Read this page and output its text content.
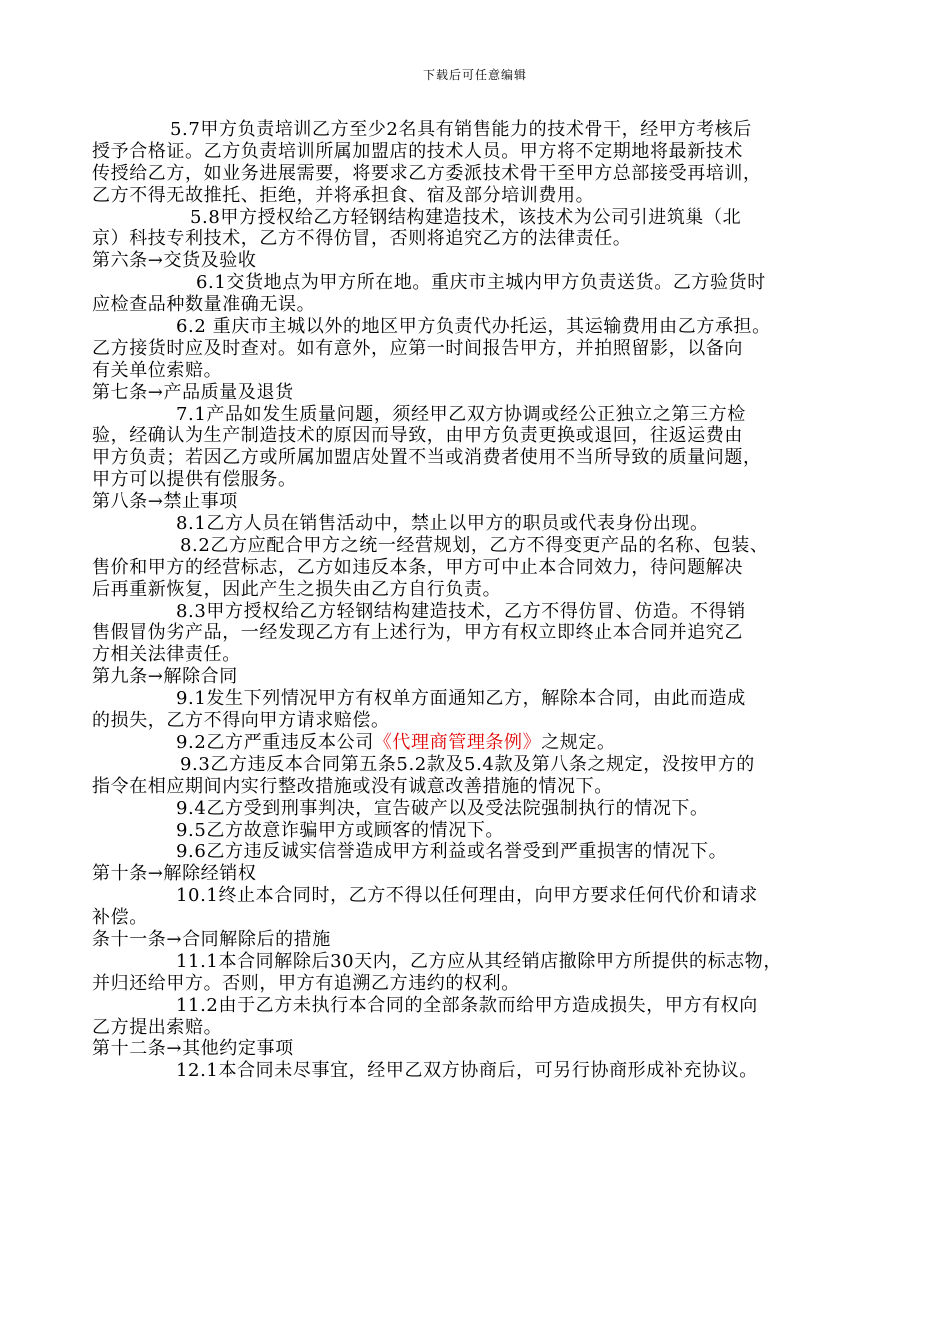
下载后可任意编辑
5.7甲方负责培训乙方至少2名具有销售能力的技术骨干，经甲方考核后
授予合格证。乙方负责培训所属加盟店的技术人员。甲方将不定期地将最新技术
传授给乙方，如业务进展需要，将要求乙方委派技术骨干至甲方总部接受再培训，
乙方不得无故推托、拒绝，并将承担食、宿及部分培训费用。
5.8甲方授权给乙方轻钢结构建造技术，该技术为公司引进筑巢（北
京）科技专利技术，乙方不得仿冒，否则将追究乙方的法律责任。
第六条→交货及验收
6.1交货地点为甲方所在地。重庆市主城内甲方负责送货。乙方验货时
应检查品种数量准确无误。
6.2 重庆市主城以外的地区甲方负责代办托运，其运输费用由乙方承担。
乙方接货时应及时查对。如有意外，应第一时间报告甲方，并拍照留影，以备向
有关单位索赔。
第七条→产品质量及退货
7.1产品如发生质量问题，须经甲乙双方协调或经公正独立之第三方检
验，经确认为生产制造技术的原因而导致，由甲方负责更换或退回，往返运费由
甲方负责；若因乙方或所属加盟店处置不当或消费者使用不当所导致的质量问题，
甲方可以提供有偿服务。
第八条→禁止事项
8.1乙方人员在销售活动中，禁止以甲方的职员或代表身份出现。
8.2乙方应配合甲方之统一经营规划，乙方不得变更产品的名称、包装、
售价和甲方的经营标志，乙方如违反本条，甲方可中止本合同效力，待问题解决
后再重新恢复，因此产生之损失由乙方自行负责。
8.3甲方授权给乙方轻钢结构建造技术，乙方不得仿冒、仿造。不得销
售假冒伪劣产品，一经发现乙方有上述行为，甲方有权立即终止本合同并追究乙
方相关法律责任。
第九条→解除合同
9.1发生下列情况甲方有权单方面通知乙方，解除本合同，由此而造成
的损失，乙方不得向甲方请求赔偿。
9.2乙方严重违反本公司《代理商管理条例》之规定。
9.3乙方违反本合同第五条5.2款及5.4款及第八条之规定，没按甲方的
指令在相应期间内实行整改措施或没有诚意改善措施的情况下。
9.4乙方受到刑事判决，宣告破产以及受法院强制执行的情况下。
9.5乙方故意诈骗甲方或顾客的情况下。
9.6乙方违反诚实信誉造成甲方利益或名誉受到严重损害的情况下。
第十条→解除经销权
10.1终止本合同时，乙方不得以任何理由，向甲方要求任何代价和请求
补偿。
条十一条→合同解除后的措施
11.1本合同解除后30天内，乙方应从其经销店撤除甲方所提供的标志物，
并归还给甲方。否则，甲方有追溯乙方违约的权利。
11.2由于乙方未执行本合同的全部条款而给甲方造成损失，甲方有权向
乙方提出索赔。
第十二条→其他约定事项
12.1本合同未尽事宜，经甲乙双方协商后，可另行协商形成补充协议。
